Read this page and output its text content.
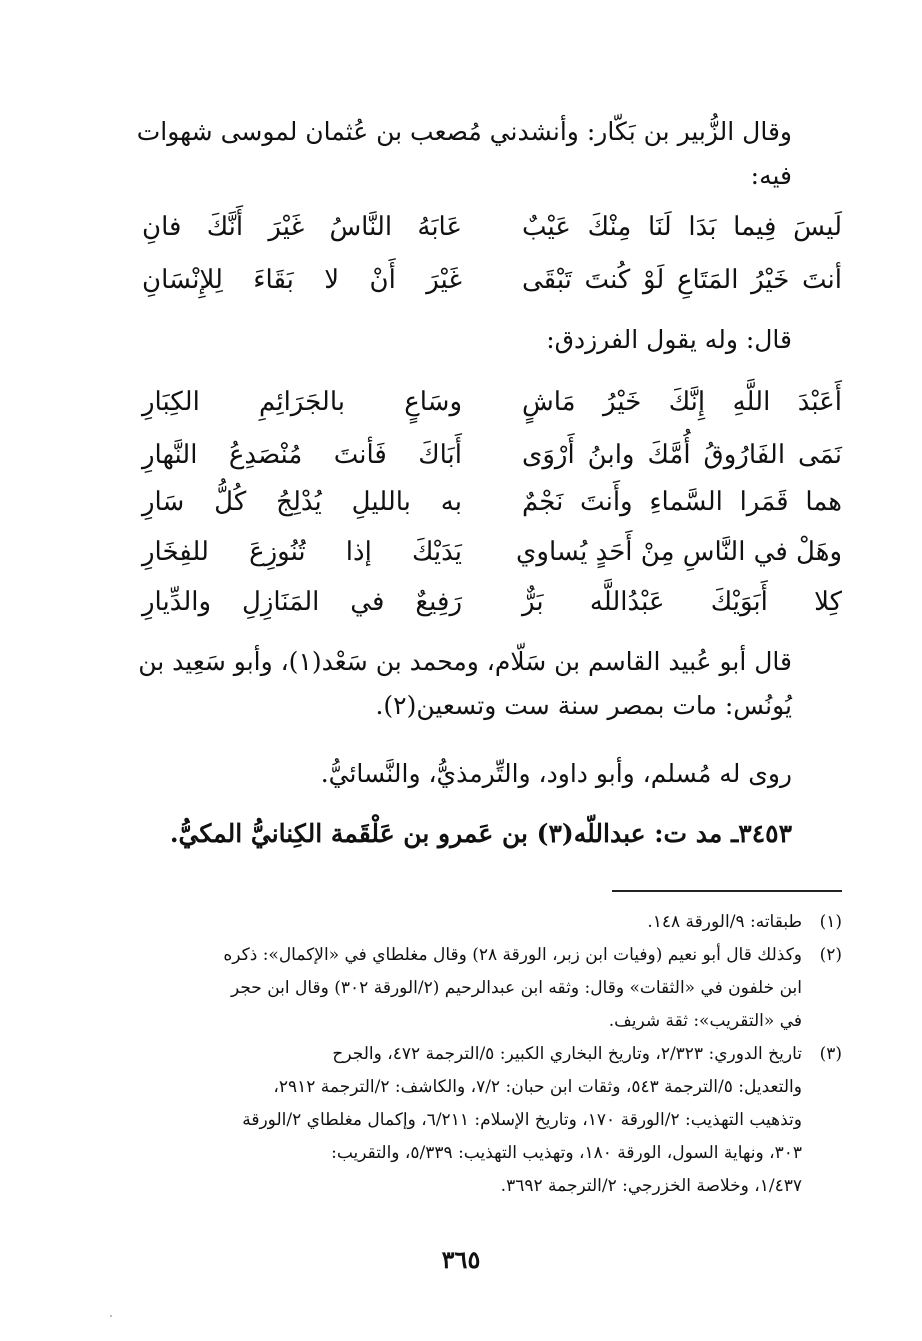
وقال الزُّبير بن بَكّار: وأنشدني مُصعب بن عُثمان لموسى شهوات
فيه:
لَيسَ فِيما بَدَا لَنَا مِنْكَ عَيْبٌ
عَابَهُ النَّاسُ غَيْرَ أَنَّكَ فانِ
أنتَ خَيْرُ المَتَاعِ لَوْ كُنتَ تَبْقَى
غَيْرَ أَنْ لا بَقَاءَ لِلإِنْسَانِ
قال: وله يقول الفرزدق:
أَعَبْدَ اللَّهِ إِنَّكَ خَيْرُ مَاشٍ
وسَاعٍ بالجَرَائِمِ الكِبَارِ
نَمَى الفَارُوقُ أُمَّكَ وابنُ أَرْوَى
أَبَاكَ فَأنتَ مُنْصَدِعُ النَّهارِ
هما قَمَرا السَّماءِ وأَنتَ نَجْمٌ
به بالليلِ يُدْلِجُ كُلُّ سَارِ
وهَلْ في النَّاسِ مِنْ أَحَدٍ يُساوي
يَدَيْكَ إذا تُنُوزِعَ للفِخَارِ
كِلا أَبَوَيْكَ عَبْدُاللَّه بَرٌّ
رَفِيعٌ في المَنَازِلِ والدِّيارِ
قال أبو عُبيد القاسم بن سَلّام، ومحمد بن سَعْد(١)، وأبو سَعِيد بن
يُونُس: مات بمصر سنة ست وتسعين(٢).
روى له مُسلم، وأبو داود، والتِّرمذيُّ، والنَّسائيُّ.
٣٤٥٣ـ مد ت: عبداللّه(٣) بن عَمرو بن عَلْقَمة الكِنانيُّ المكيُّ.
(١)
طبقاته: ٩/الورقة ١٤٨.
(٢)
وكذلك قال أبو نعيم (وفيات ابن زبر، الورقة ٢٨) وقال مغلطاي في «الإكمال»: ذكره
ابن خلفون في «الثقات» وقال: وثقه ابن عبدالرحيم (٢/الورقة ٣٠٢) وقال ابن حجر
في «التقريب»: ثقة شريف.
(٣)
تاريخ الدوري: ٢/٣٢٣، وتاريخ البخاري الكبير: ٥/الترجمة ٤٧٢، والجرح
والتعديل: ٥/الترجمة ٥٤٣، وثقات ابن حبان: ٧/٢، والكاشف: ٢/الترجمة ٢٩١٢،
وتذهيب التهذيب: ٢/الورقة ١٧٠، وتاريخ الإسلام: ٦/٢١١، وإكمال مغلطاي ٢/الورقة
٣٠٣، ونهاية السول، الورقة ١٨٠، وتهذيب التهذيب: ٥/٣٣٩، والتقريب:
١/٤٣٧، وخلاصة الخزرجي: ٢/الترجمة ٣٦٩٢.
٣٦٥
